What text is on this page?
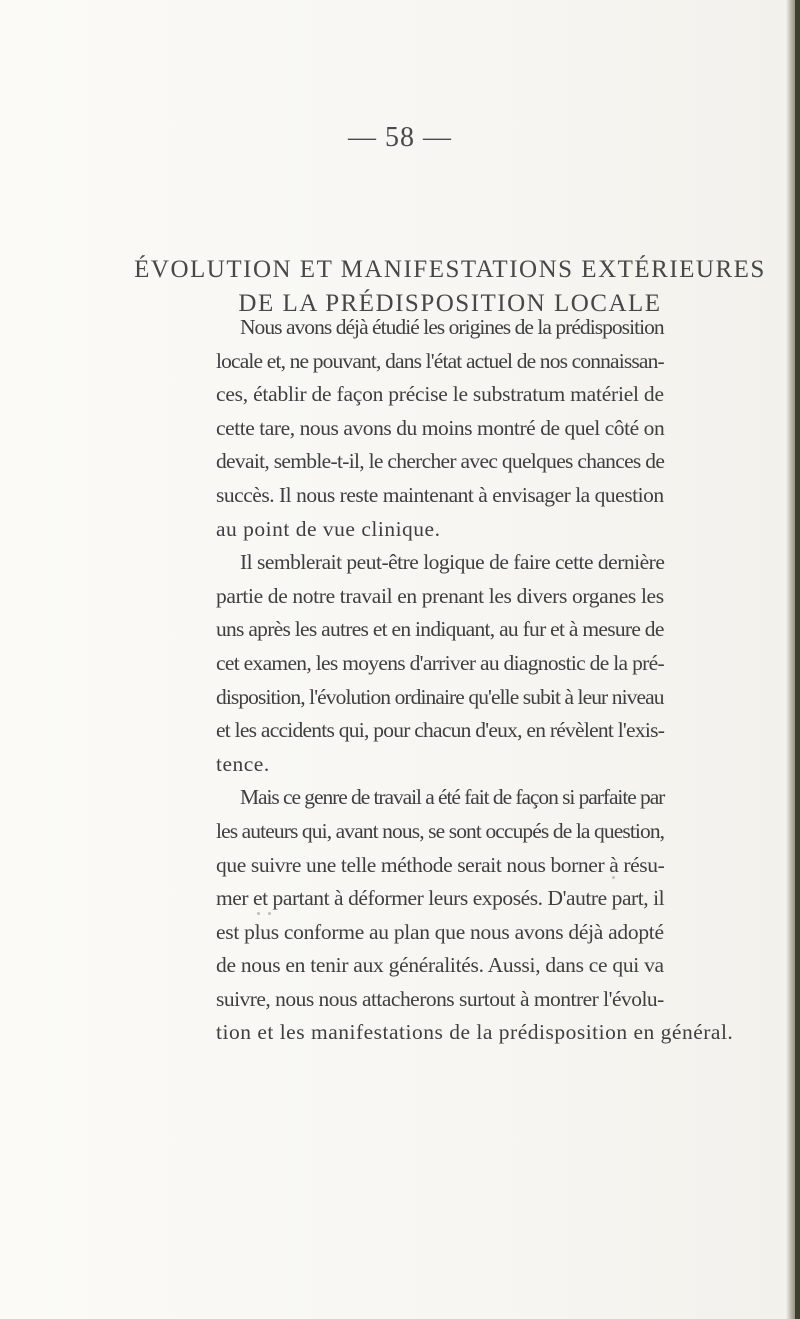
— 58 —
ÉVOLUTION ET MANIFESTATIONS EXTÉRIEURES
DE LA PRÉDISPOSITION LOCALE
Nous avons déjà étudié les origines de la prédisposition
locale et, ne pouvant, dans l'état actuel de nos connaissan-
ces, établir de façon précise le substratum matériel de
cette tare, nous avons du moins montré de quel côté on
devait, semble-t-il, le chercher avec quelques chances de
succès. Il nous reste maintenant à envisager la question
au point de vue clinique.
Il semblerait peut-être logique de faire cette dernière
partie de notre travail en prenant les divers organes les
uns après les autres et en indiquant, au fur et à mesure de
cet examen, les moyens d'arriver au diagnostic de la pré-
disposition, l'évolution ordinaire qu'elle subit à leur niveau
et les accidents qui, pour chacun d'eux, en révèlent l'exis-
tence.
Mais ce genre de travail a été fait de façon si parfaite par
les auteurs qui, avant nous, se sont occupés de la question,
que suivre une telle méthode serait nous borner à résu-
mer et partant à déformer leurs exposés. D'autre part, il
est plus conforme au plan que nous avons déjà adopté
de nous en tenir aux généralités. Aussi, dans ce qui va
suivre, nous nous attacherons surtout à montrer l'évolu-
tion et les manifestations de la prédisposition en général.
